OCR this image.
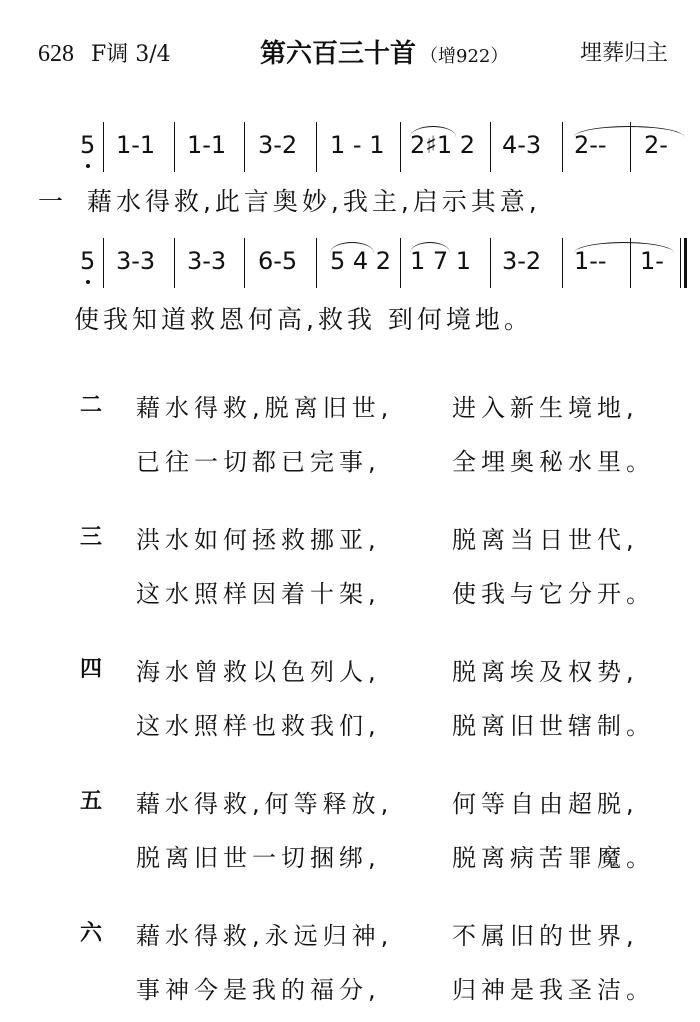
628 F调 3/4	第六百三十首 （增922）	埋葬归主
5 1-1 1-1 3-2 1 - 1 2♯1 2 4-3 2-- 2-
一 藉水得救,此言奥妙,我主,启示其意,
5 3-3 3-3 6-5 5 4 2 1 7 1 3-2 1-- 1-
使我知道救恩何高,救我 到何境地。
二 藉水得救,脱离旧世, 进入新生境地,
已往一切都已完事,	全埋奥秘水里。
三 洪水如何拯救挪亚,	脱离当日世代,
这水照样因着十架,	使我与它分开。
四 海水曾救以色列人,	脱离埃及权势,
这水照样也救我们,	脱离旧世辖制。
五 藉水得救,何等释放, 何等自由超脱,
脱离旧世一切捆绑,	脱离病苦罪魔。
六 藉水得救,永远归神, 不属旧的世界,
事神今是我的福分,	归神是我圣洁。
